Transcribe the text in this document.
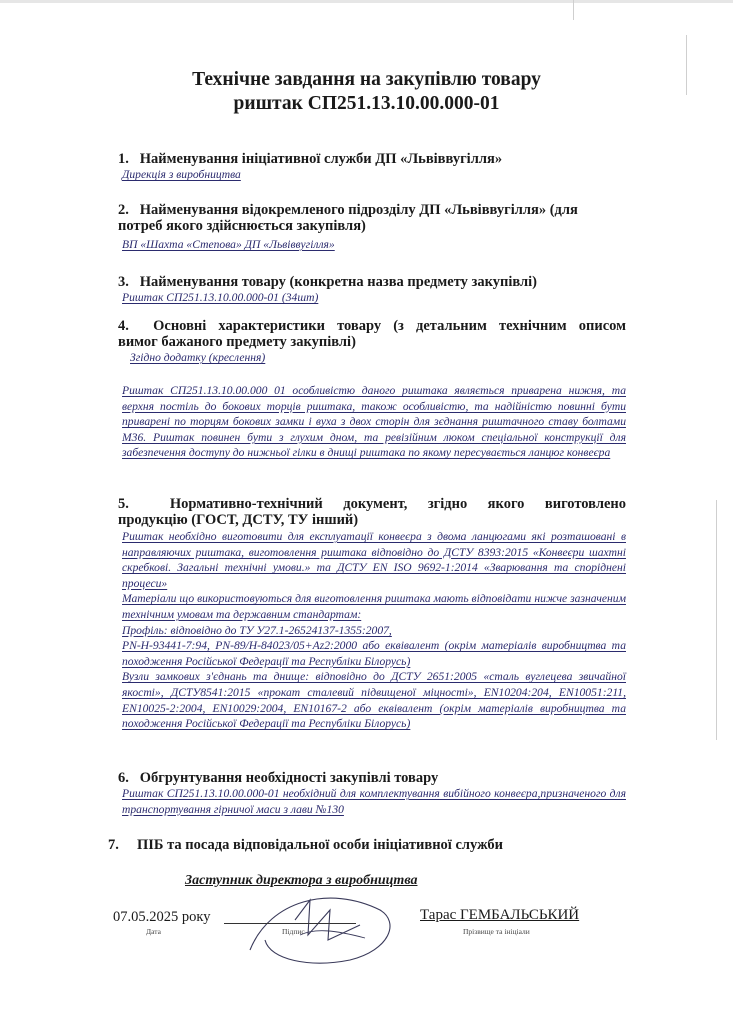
Технічне завдання на закупівлю товару
риштак СП251.13.10.00.000-01
1. Найменування ініціативної служби ДП «Львіввугілля»
Дирекція з виробництва
2. Найменування відокремленого підрозділу ДП «Львіввугілля» (для
потреб якого здійснюється закупівля)
ВП «Шахта «Степова» ДП «Львіввугілля»
3. Найменування товару (конкретна назва предмету закупівлі)
Риштак СП251.13.10.00.000-01 (34шт)
4. Основні характеристики товару (з детальним технічним описом
вимог бажаного предмету закупівлі)
Згідно додатку (креслення)

Риштак СП251.13.10.00.000 01 особливістю даного риштака являється приварена нижня, та верхня постіль до бокових торців риштака, також особливістю, та надійністю повинні бути приварені по торцям бокових замки і вуха з двох сторін для зєднання риштачного ставу болтами М36. Риштак повинен бути з глухим дном, та ревізійним люком спеціальної конструкції для забезпечення доступу до нижньої гілки в днищі риштака по якому пересувається ланцюг конвеєра

5.	Нормативно-технічний документ, згідно якого виготовлено
продукцію (ГОСТ, ДСТУ, ТУ інший)

Риштак необхідно виготовити для експлуатації конвеєра з двома ланцюгами які розташовані в направляючих риштака, виготовлення риштака відповідно до ДСТУ 8393:2015 «Конвеєри шахтні скребкові. Загальні технічні умови.» та ДСТУ EN ISO 9692-1:2014 «Зварювання та споріднені процеси»

Матеріали що використовуються для виготовлення риштака мають відповідати нижче зазначеним технічним умовам та державним стандартам:

Профіль: відповідно до ТУ У27.1-26524137-1355:2007,

PN-H-93441-7:94, PN-89/H-84023/05+Az2:2000 або еквівалент (окрім матеріалів виробництва та походження Російської Федерації та Республіки Білорусь)

Вузли замкових з'єднань та днище: відповідно до ДСТУ 2651:2005 «сталь вуглецева звичайної якості», ДСТУ8541:2015 «прокат сталевий підвищеної міцності», EN10204:204, EN10051:211, EN10025-2:2004, EN10029:2004, EN10167-2 або еквівалент (окрім матеріалів виробництва та походження Російської Федерації та Республіки Білорусь)

6. Обгрунтування необхідності закупівлі товару

Риштак СП251.13.10.00.000-01 необхідний для комплектування вибійного конвеєра,призначеного для транспортування гірничої маси з лави №130

7. ПІБ та посада відповідальної особи ініціативної служби
Заступник директора з виробництва
07.05.2025 року
Дата	Підпис
Тарас ГЕМБАЛЬСЬКИЙ
Прізвище та ініціали
